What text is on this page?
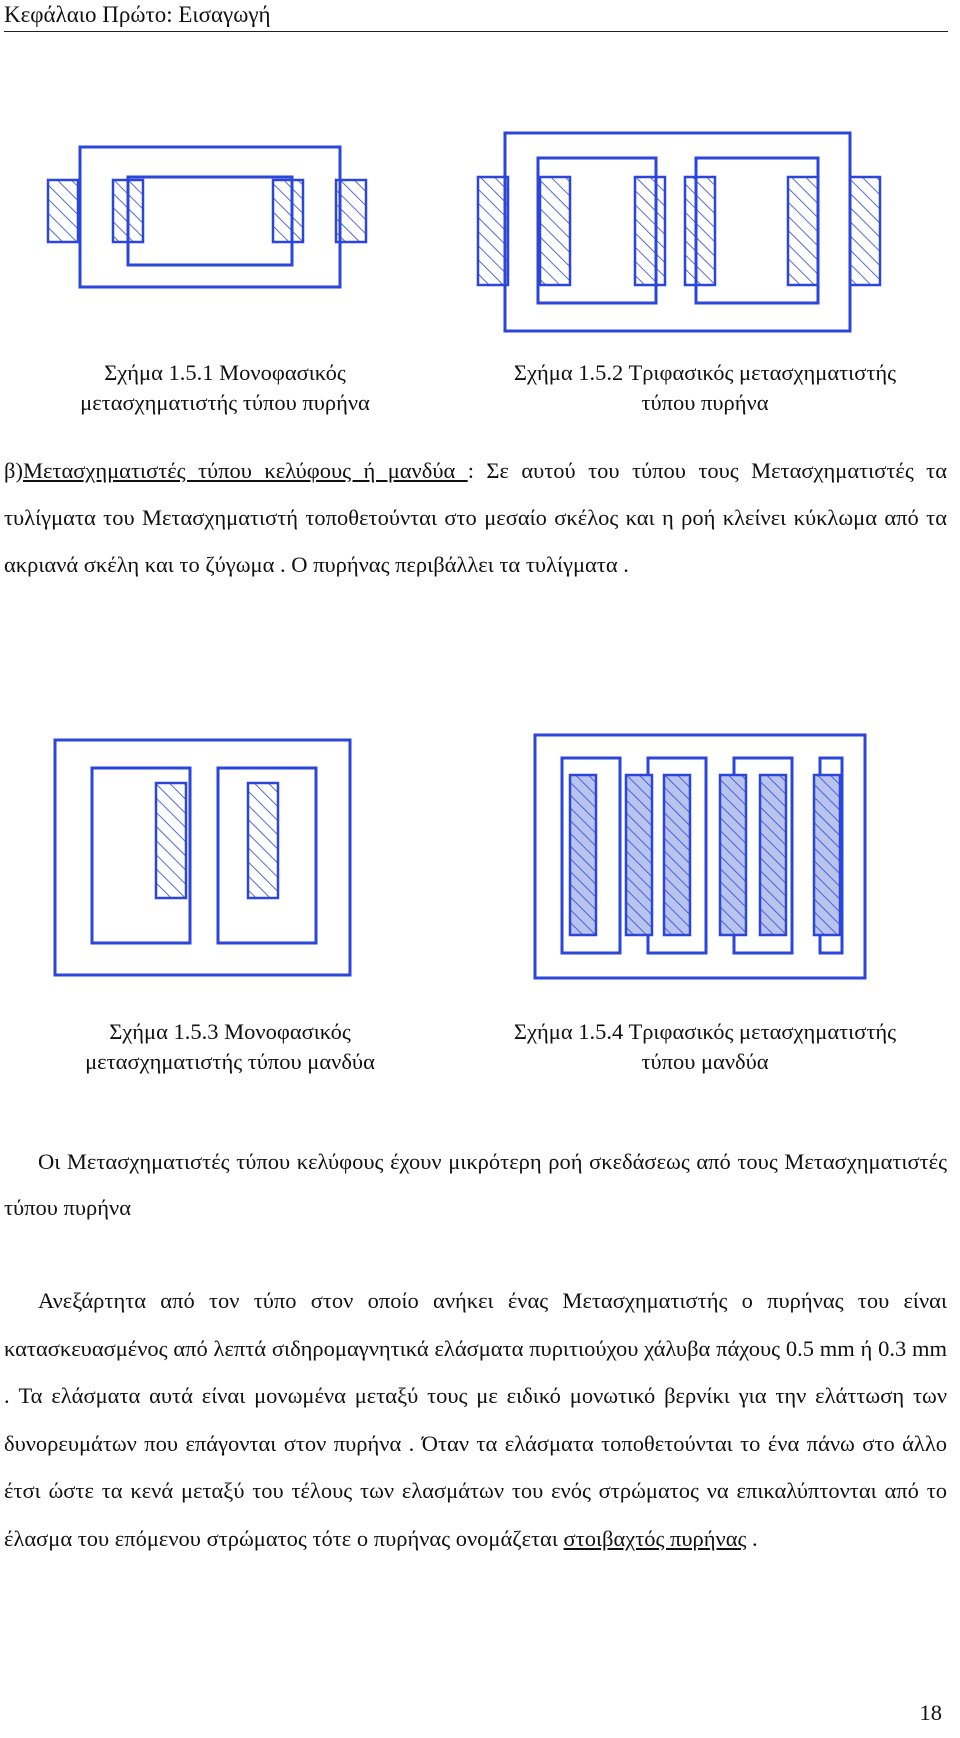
Κεφάλαιο Πρώτο: Εισαγωγή

Σχήμα 1.5.1 Μονοφασικός
μετασχηματιστής τύπου πυρήνα
Σχήμα 1.5.2 Τριφασικός μετασχηματιστής
τύπου πυρήνα

β)Μετασχηματιστές τύπου κελύφους ή μανδύα : Σε αυτού του τύπου τους Μετασχηματιστές τα τυλίγματα του Μετασχηματιστή τοποθετούνται στο μεσαίο σκέλος και η ροή κλείνει κύκλωμα από τα ακριανά σκέλη και το ζύγωμα . Ο πυρήνας περιβάλλει τα τυλίγματα .

Σχήμα 1.5.3 Μονοφασικός
μετασχηματιστής τύπου μανδύα
Σχήμα 1.5.4 Τριφασικός μετασχηματιστής
τύπου μανδύα

Οι Μετασχηματιστές τύπου κελύφους έχουν μικρότερη ροή σκεδάσεως από τους Μετασχηματιστές τύπου πυρήνα

Ανεξάρτητα από τον τύπο στον οποίο ανήκει ένας Μετασχηματιστής ο πυρήνας του είναι κατασκευασμένος από λεπτά σιδηρομαγνητικά ελάσματα πυριτιούχου χάλυβα πάχους 0.5 mm ή 0.3 mm . Τα ελάσματα αυτά είναι μονωμένα μεταξύ τους με ειδικό μονωτικό βερνίκι για την ελάττωση των δυνορευμάτων που επάγονται στον πυρήνα . Όταν τα ελάσματα τοποθετούνται το ένα πάνω στο άλλο έτσι ώστε τα κενά μεταξύ του τέλους των ελασμάτων του ενός στρώματος να επικαλύπτονται από το έλασμα του επόμενου στρώματος τότε ο πυρήνας ονομάζεται στοιβαχτός πυρήνας .

18
